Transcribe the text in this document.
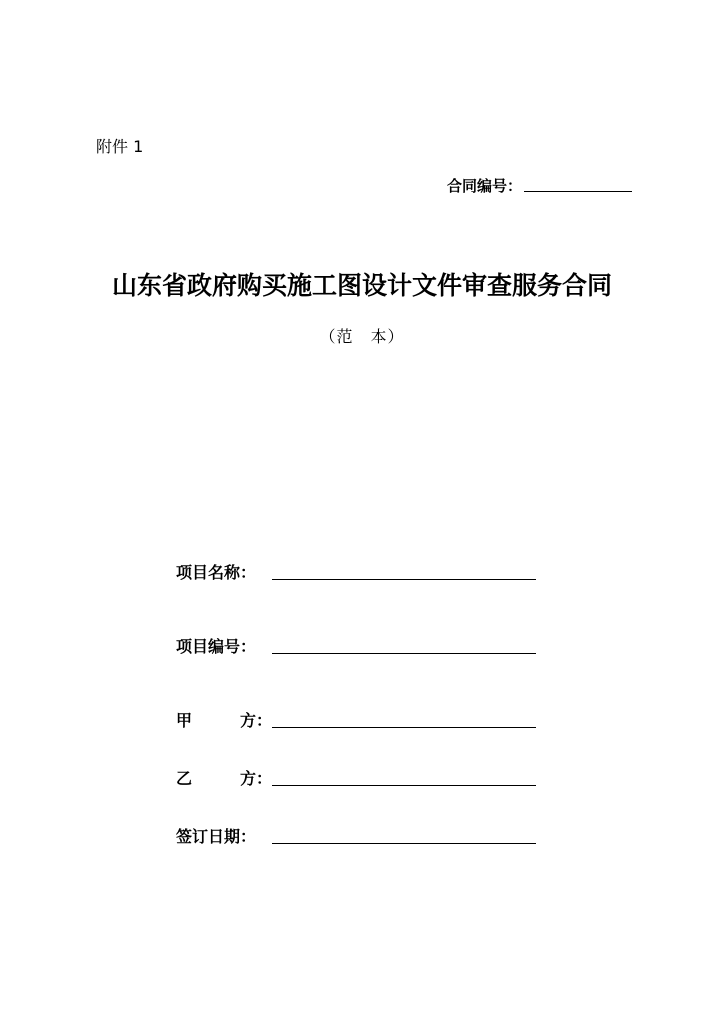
附件 1
合同编号：
山东省政府购买施工图设计文件审查服务合同
（范　本）
项目名称：
项目编号：
甲	方：
乙	方：
签订日期：
